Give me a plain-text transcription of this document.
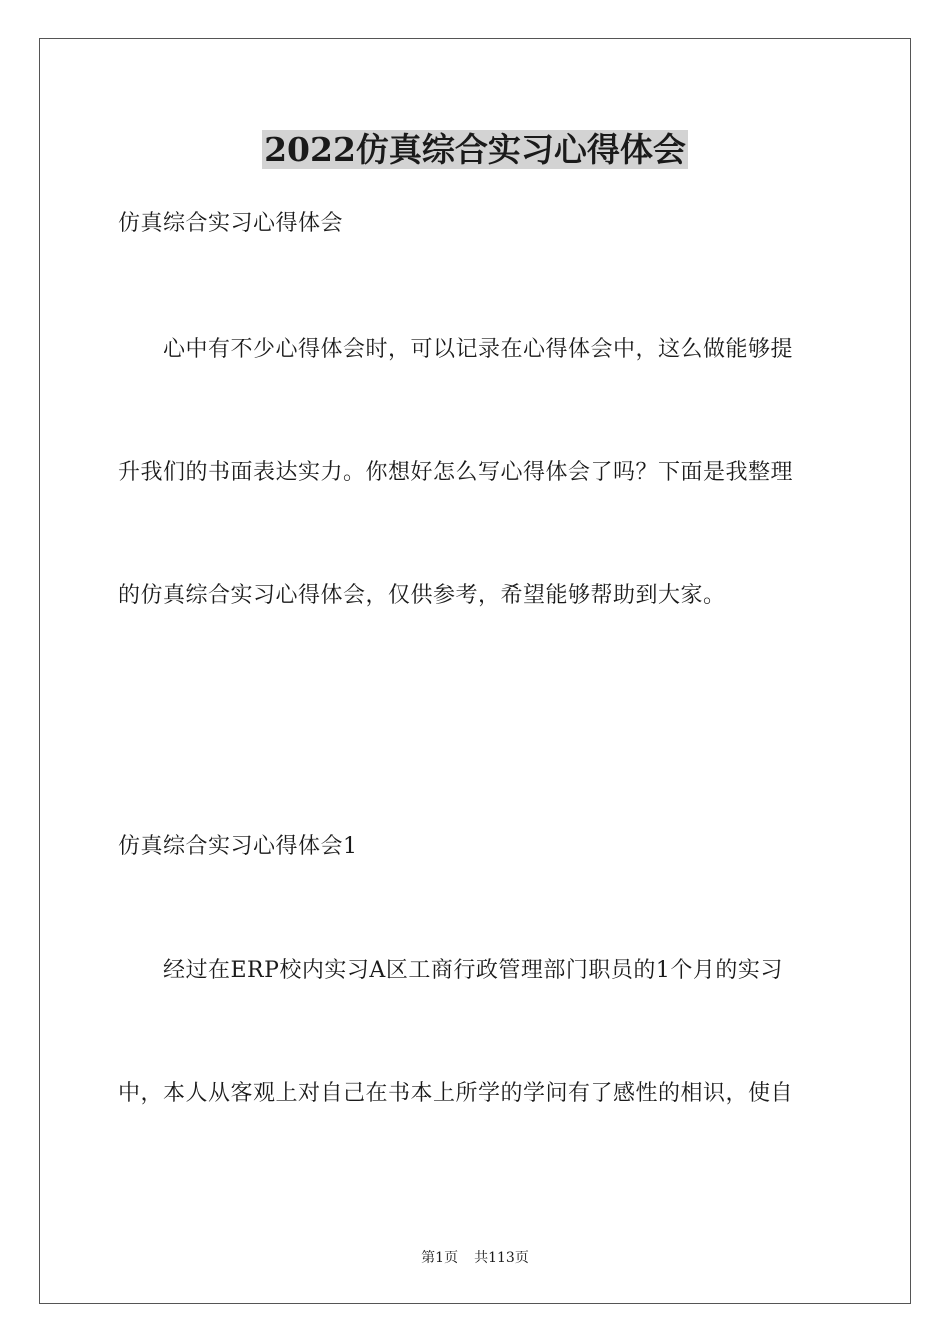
2022仿真综合实习心得体会
仿真综合实习心得体会
　　心中有不少心得体会时，可以记录在心得体会中，这么做能够提
升我们的书面表达实力。你想好怎么写心得体会了吗？下面是我整理
的仿真综合实习心得体会，仅供参考，希望能够帮助到大家。
仿真综合实习心得体会1
　　经过在ERP校内实习A区工商行政管理部门职员的1个月的实习
中，本人从客观上对自己在书本上所学的学问有了感性的相识，使自
第1页 共113页
